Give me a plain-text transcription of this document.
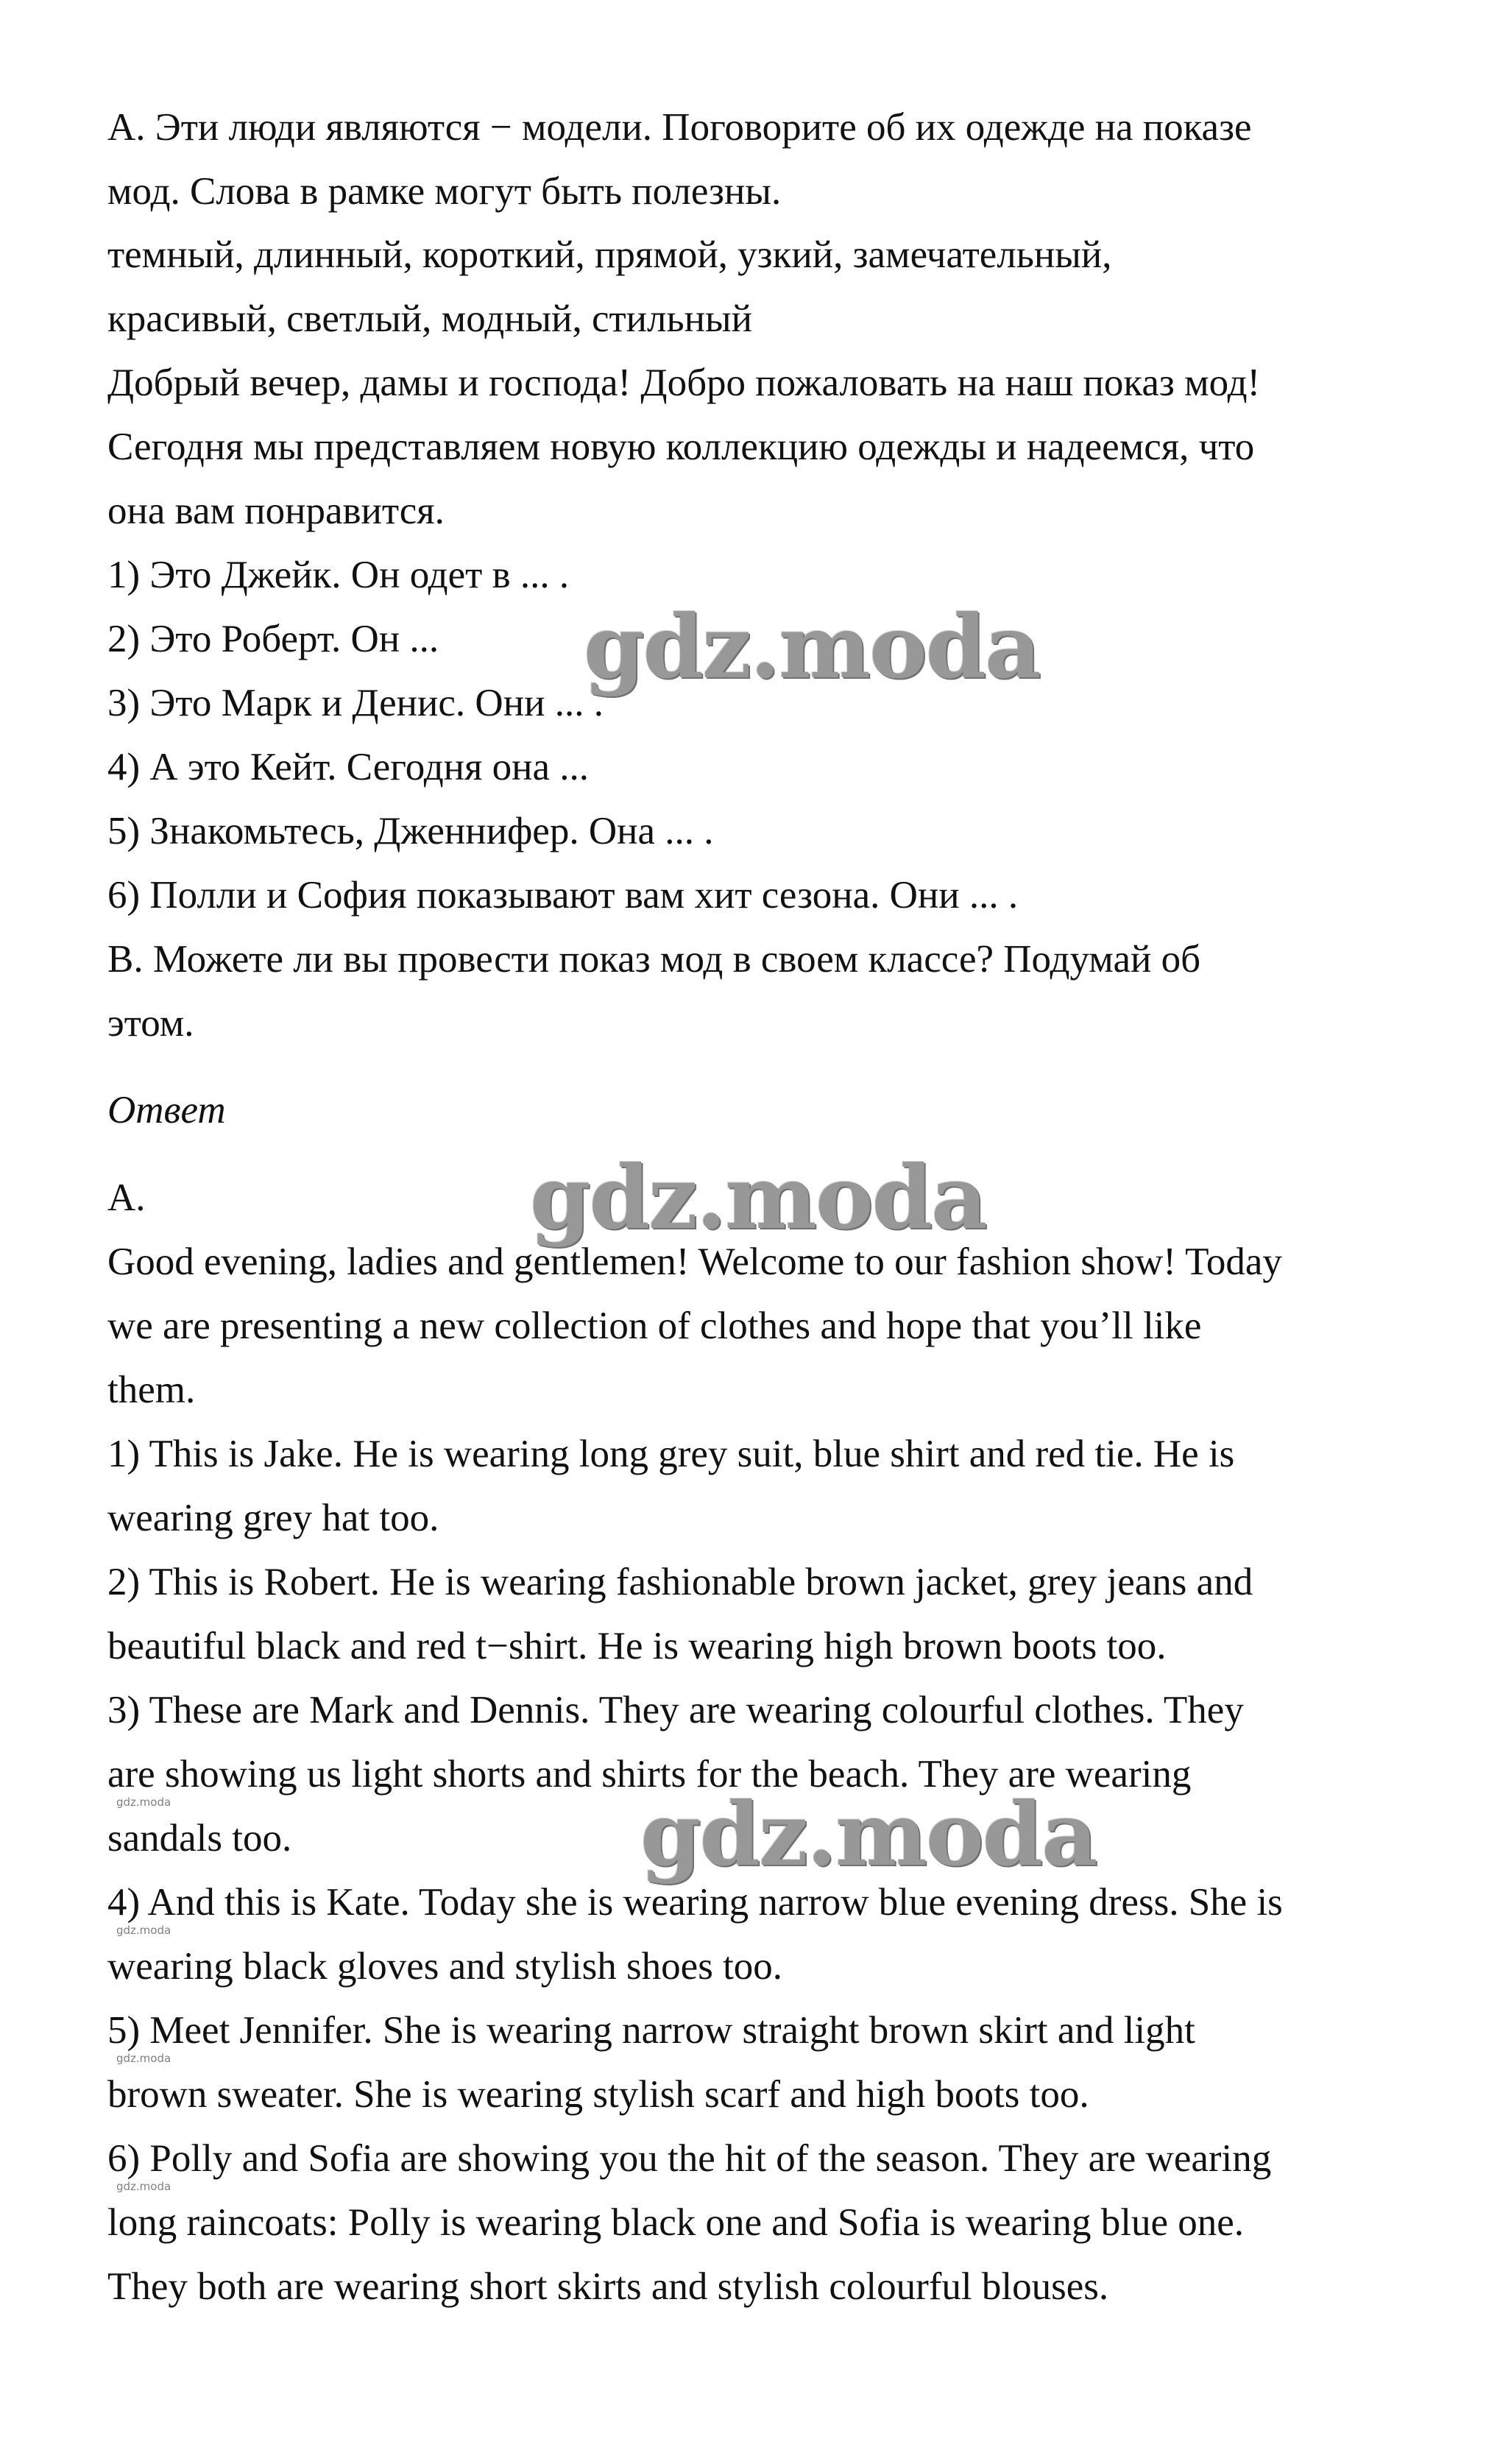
А. Эти люди являются − модели. Поговорите об их одежде на показе

мод. Слова в рамке могут быть полезны.

темный, длинный, короткий, прямой, узкий, замечательный,

красивый, светлый, модный, стильный

Добрый вечер, дамы и господа! Добро пожаловать на наш показ мод!

Сегодня мы представляем новую коллекцию одежды и надеемся, что

она вам понравится.

1) Это Джейк. Он одет в ... .

2) Это Роберт. Он ...

3) Это Марк и Денис. Они ... .

4) А это Кейт. Сегодня она ...

5) Знакомьтесь, Дженнифер. Она ... .

6) Полли и София показывают вам хит сезона. Они ... .

В. Можете ли вы провести показ мод в своем классе? Подумай об

этом.

Ответ

A.

Good evening, ladies and gentlemen! Welcome to our fashion show! Today

we are presenting a new collection of clothes and hope that you’ll like

them.

1) This is Jake. He is wearing long grey suit, blue shirt and red tie. He is

wearing grey hat too.

2) This is Robert. He is wearing fashionable brown jacket, grey jeans and

beautiful black and red t−shirt. He is wearing high brown boots too.

3) These are Mark and Dennis. They are wearing colourful clothes. They

are showing us light shorts and shirts for the beach. They are wearing

sandals too.

4) And this is Kate. Today she is wearing narrow blue evening dress. She is

wearing black gloves and stylish shoes too.

5) Meet Jennifer. She is wearing narrow straight brown skirt and light

brown sweater. She is wearing stylish scarf and high boots too.

6) Polly and Sofia are showing you the hit of the season. They are wearing

long raincoats: Polly is wearing black one and Sofia is wearing blue one.

They both are wearing short skirts and stylish colourful blouses.

gdz.moda
gdz.moda
gdz.moda
gdz.moda
gdz.moda
gdz.moda
gdz.moda
